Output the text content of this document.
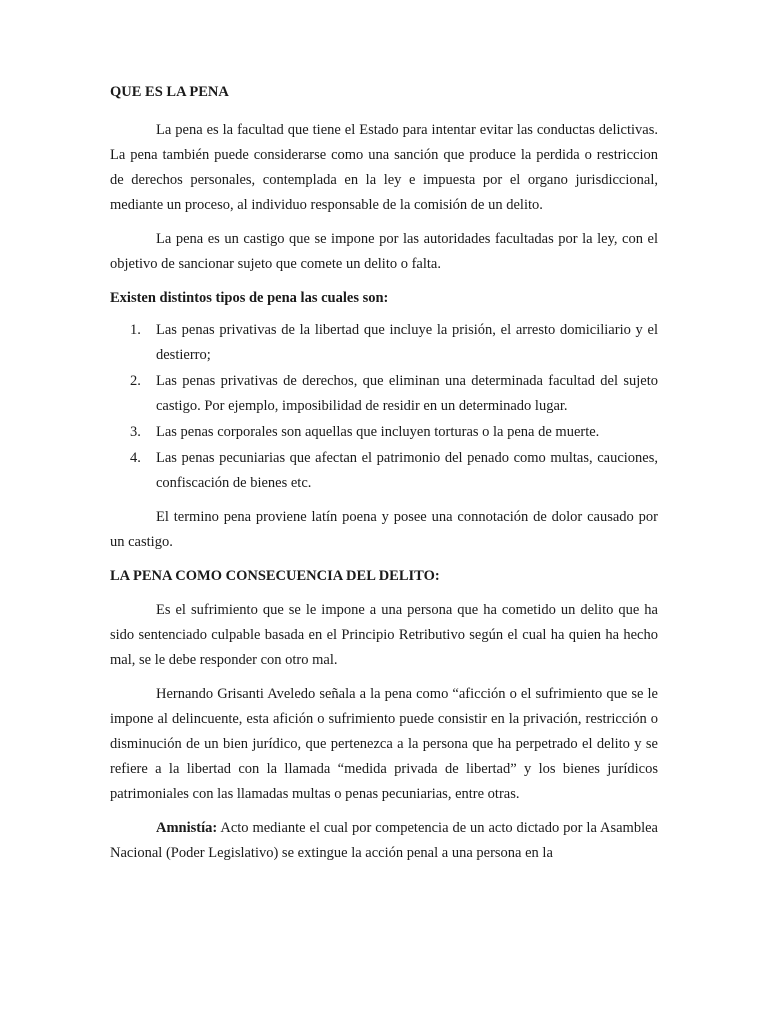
QUE ES LA PENA

La pena es la facultad que tiene el Estado para intentar evitar las conductas delictivas. La pena también puede considerarse como una sanción que produce la perdida o restriccion de derechos personales, contemplada en la ley e impuesta por el organo jurisdiccional, mediante un proceso, al individuo responsable de la comisión de un delito.

La pena es un castigo que se impone por las autoridades facultadas por la ley, con el objetivo de sancionar sujeto que comete un delito o falta.

Existen distintos tipos de pena las cuales son:
1.	Las penas privativas de la libertad que incluye la prisión, el arresto domiciliario y el destierro;
2.	Las penas privativas de derechos, que eliminan una determinada facultad del sujeto castigo. Por ejemplo, imposibilidad de residir en un determinado lugar.
3.	Las penas corporales son aquellas que incluyen torturas o la pena de muerte.
4.	Las penas pecuniarias que afectan el patrimonio del penado como multas, cauciones, confiscación de bienes etc.

El termino pena proviene latín poena y posee una connotación de dolor causado por un castigo.

LA PENA COMO CONSECUENCIA DEL DELITO:

Es el sufrimiento que se le impone a una persona que ha cometido un delito que ha sido sentenciado culpable basada en el Principio Retributivo según el cual ha quien ha hecho mal, se le debe responder con otro mal.

Hernando Grisanti Aveledo señala a la pena como “aficción o el sufrimiento que se le impone al delincuente, esta afición o sufrimiento puede consistir en la privación, restricción o disminución de un bien jurídico, que pertenezca a la persona que ha perpetrado el delito y se refiere a la libertad con la llamada “medida privada de libertad” y los bienes jurídicos patrimoniales con las llamadas multas o penas pecuniarias, entre otras.

Amnistía: Acto mediante el cual por competencia de un acto dictado por la Asamblea Nacional (Poder Legislativo) se extingue la acción penal a una persona en la
